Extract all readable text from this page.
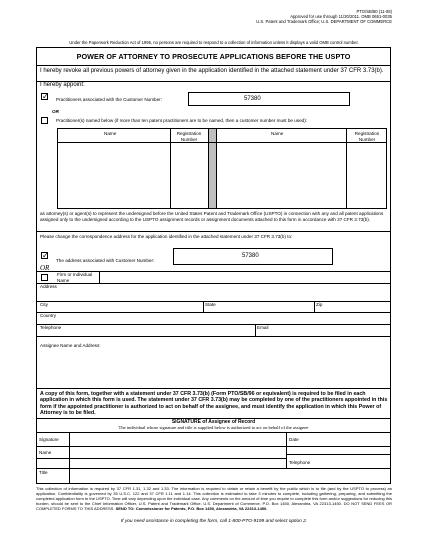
PTO/SB/80 (11-08)
Approved for use through 11/30/2011. OMB 0651-0035
U.S. Patent and Trademark Office; U.S. DEPARTMENT OF COMMERCE
Under the Paperwork Reduction Act of 1995, no persons are required to respond to a collection of information unless it displays a valid OMB control number.
POWER OF ATTORNEY TO PROSECUTE APPLICATIONS BEFORE THE USPTO
I hereby revoke all previous powers of attorney given in the application identified in the attached statement under 37 CFR 3.73(b).
I hereby appoint:
✓ Practitioners associated with the Customer Number:	57380
OR
Practitioner(s) named below (if more than ten patent practitioners are to be named, then a customer number must be used):
Name	Registration Number
Name	Registration Number
as attorney(s) or agent(s) to represent the undersigned before the United States Patent and Trademark Office (USPTO) in connection with any and all patent applications assigned only to the undersigned according to the USPTO assignment records or assignment documents attached to this form in accordance with 37 CFR 3.73(b).
Please change the correspondence address for the application identified in the attached statement under 37 CFR 3.73(b) to:
✓
The address associated with Customer Number:
57380
OR
Firm or Individual Name
Address
City	State	Zip
Country
Telephone	Email
Assignee Name and Address:
A copy of this form, together with a statement under 37 CFR 3.73(b) (Form PTO/SB/96 or equivalent) is required to be filed in each application in which this form is used. The statement under 37 CFR 3.73(b) may be completed by one of the practitioners appointed in this form if the appointed practitioner is authorized to act on behalf of the assignee, and must identify the application in which this Power of Attorney is to be filed.
SIGNATURE of Assignee of Record
The individual whose signature and title is supplied below is authorized to act on behalf of the assignee
Signature	Date
Name
Telephone
Title
This collection of information is required by 37 CFR 1.31, 1.32 and 1.33. The information is required to obtain or retain a benefit by the public which is to file (and by the USPTO to process) an application. Confidentiality is governed by 35 U.S.C. 122 and 37 CFR 1.11 and 1.14. This collection is estimated to take 3 minutes to complete, including gathering, preparing, and submitting the completed application form to the USPTO. Time will vary depending upon the individual case. Any comments on the amount of time you require to complete this form and/or suggestions for reducing this burden, should be sent to the Chief Information Officer, U.S. Patent and Trademark Office, U.S. Department of Commerce, P.O. Box 1450, Alexandria, VA 22313-1450. DO NOT SEND FEES OR COMPLETED FORMS TO THIS ADDRESS. SEND TO: Commissioner for Patents, P.O. Box 1450, Alexandria, VA 22313-1450.
If you need assistance in completing the form, call 1-800-PTO-9199 and select option 2.
